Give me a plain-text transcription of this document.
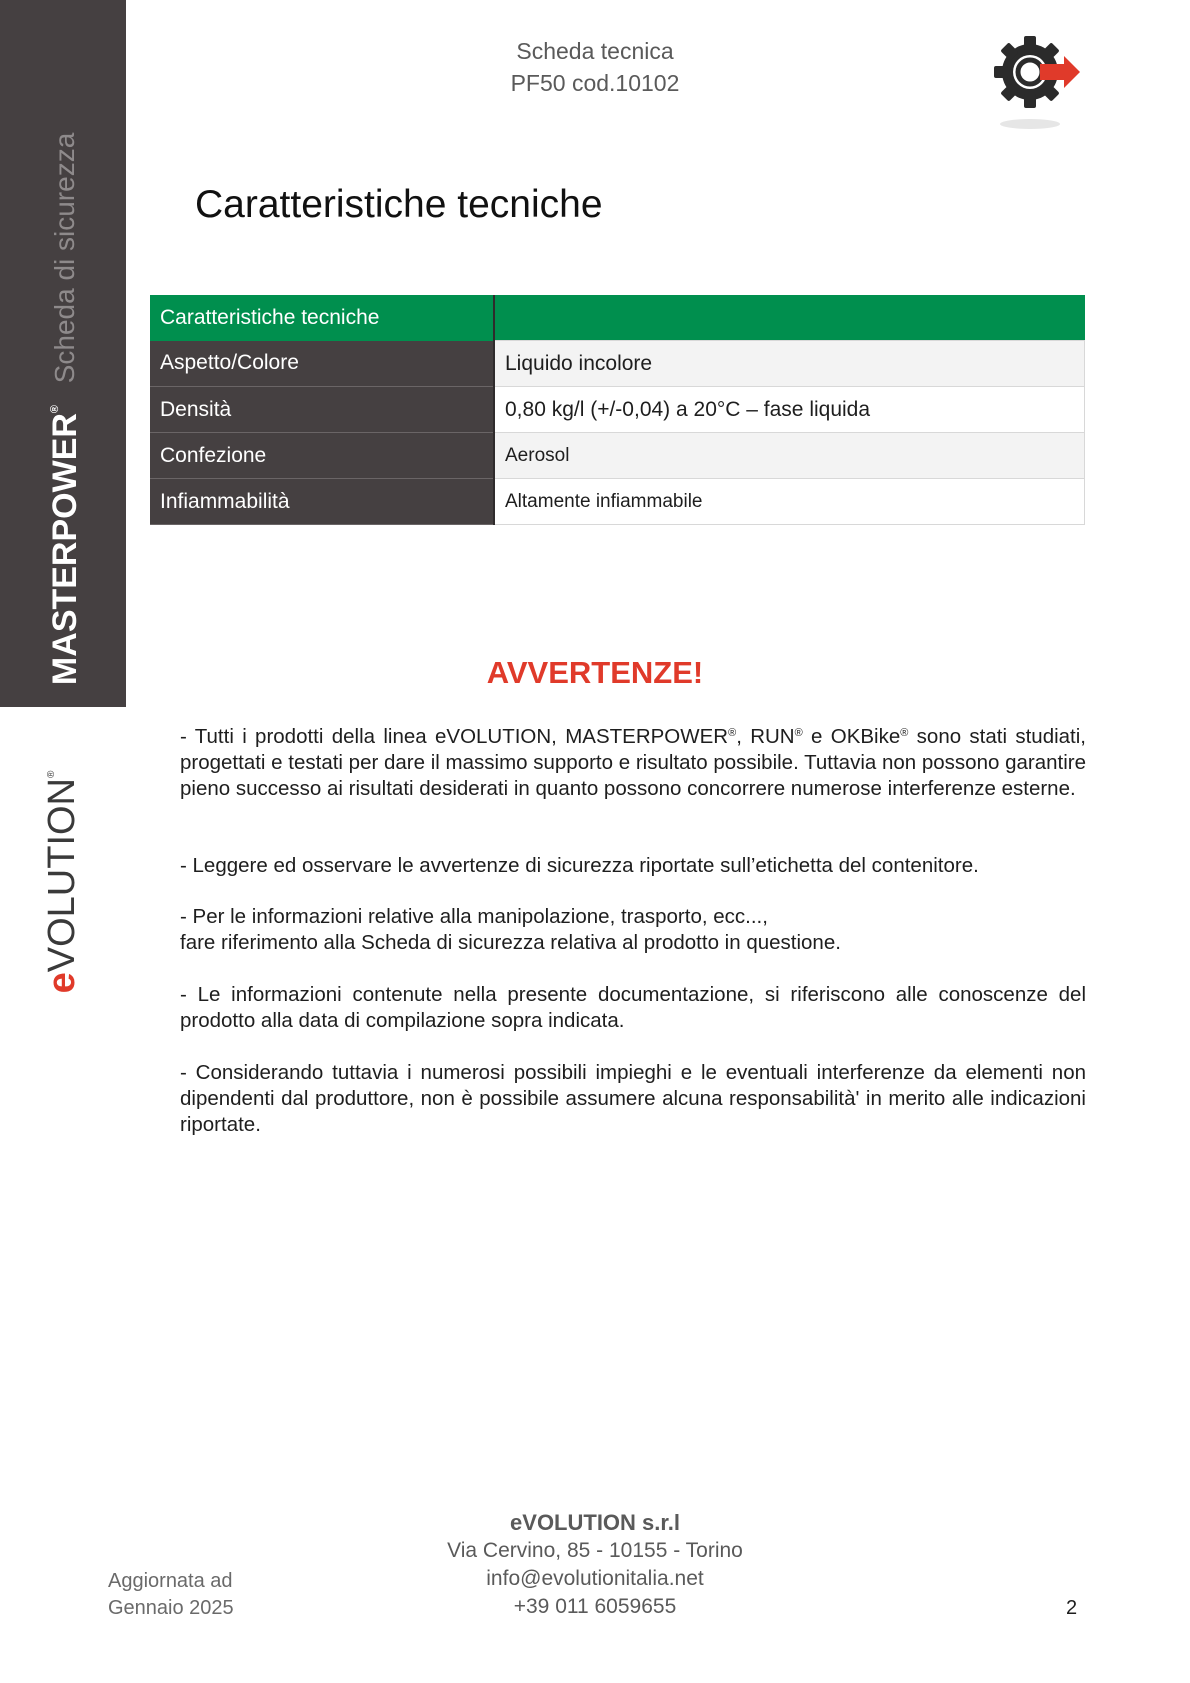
MASTERPOWER®
Scheda di sicurezza
eVOLUTION®
Scheda tecnica
PF50 cod.10102
Caratteristiche tecniche
Caratteristiche tecniche	
Aspetto/Colore	Liquido incolore
Densità	0,80 kg/l (+/-0,04) a 20°C – fase liquida
Confezione	Aerosol
Infiammabilità	Altamente infiammabile
AVVERTENZE!

- Tutti i prodotti della linea eVOLUTION, MASTERPOWER®, RUN® e OKBike® sono stati studiati, progettati e testati per dare il massimo supporto e risultato possibile. Tuttavia non possono garantire pieno successo ai risultati desiderati in quanto possono concorrere numerose interferenze esterne.

- Leggere ed osservare le avvertenze di sicurezza riportate sull’etichetta del contenitore.

- Per le informazioni relative alla manipolazione, trasporto, ecc...,
fare riferimento alla Scheda di sicurezza relativa al prodotto in questione.

- Le informazioni contenute nella presente documentazione, si riferiscono alle conoscenze del prodotto alla data di compilazione sopra indicata.

- Considerando tuttavia i numerosi possibili impieghi e le eventuali interferenze da elementi non dipendenti dal produttore, non è possibile assumere alcuna responsabilità' in merito alle indicazioni riportate.

eVOLUTION s.r.l
Via Cervino, 85 - 10155 - Torino
info@evolutionitalia.net
+39 011 6059655
Aggiornata ad
Gennaio 2025	2
